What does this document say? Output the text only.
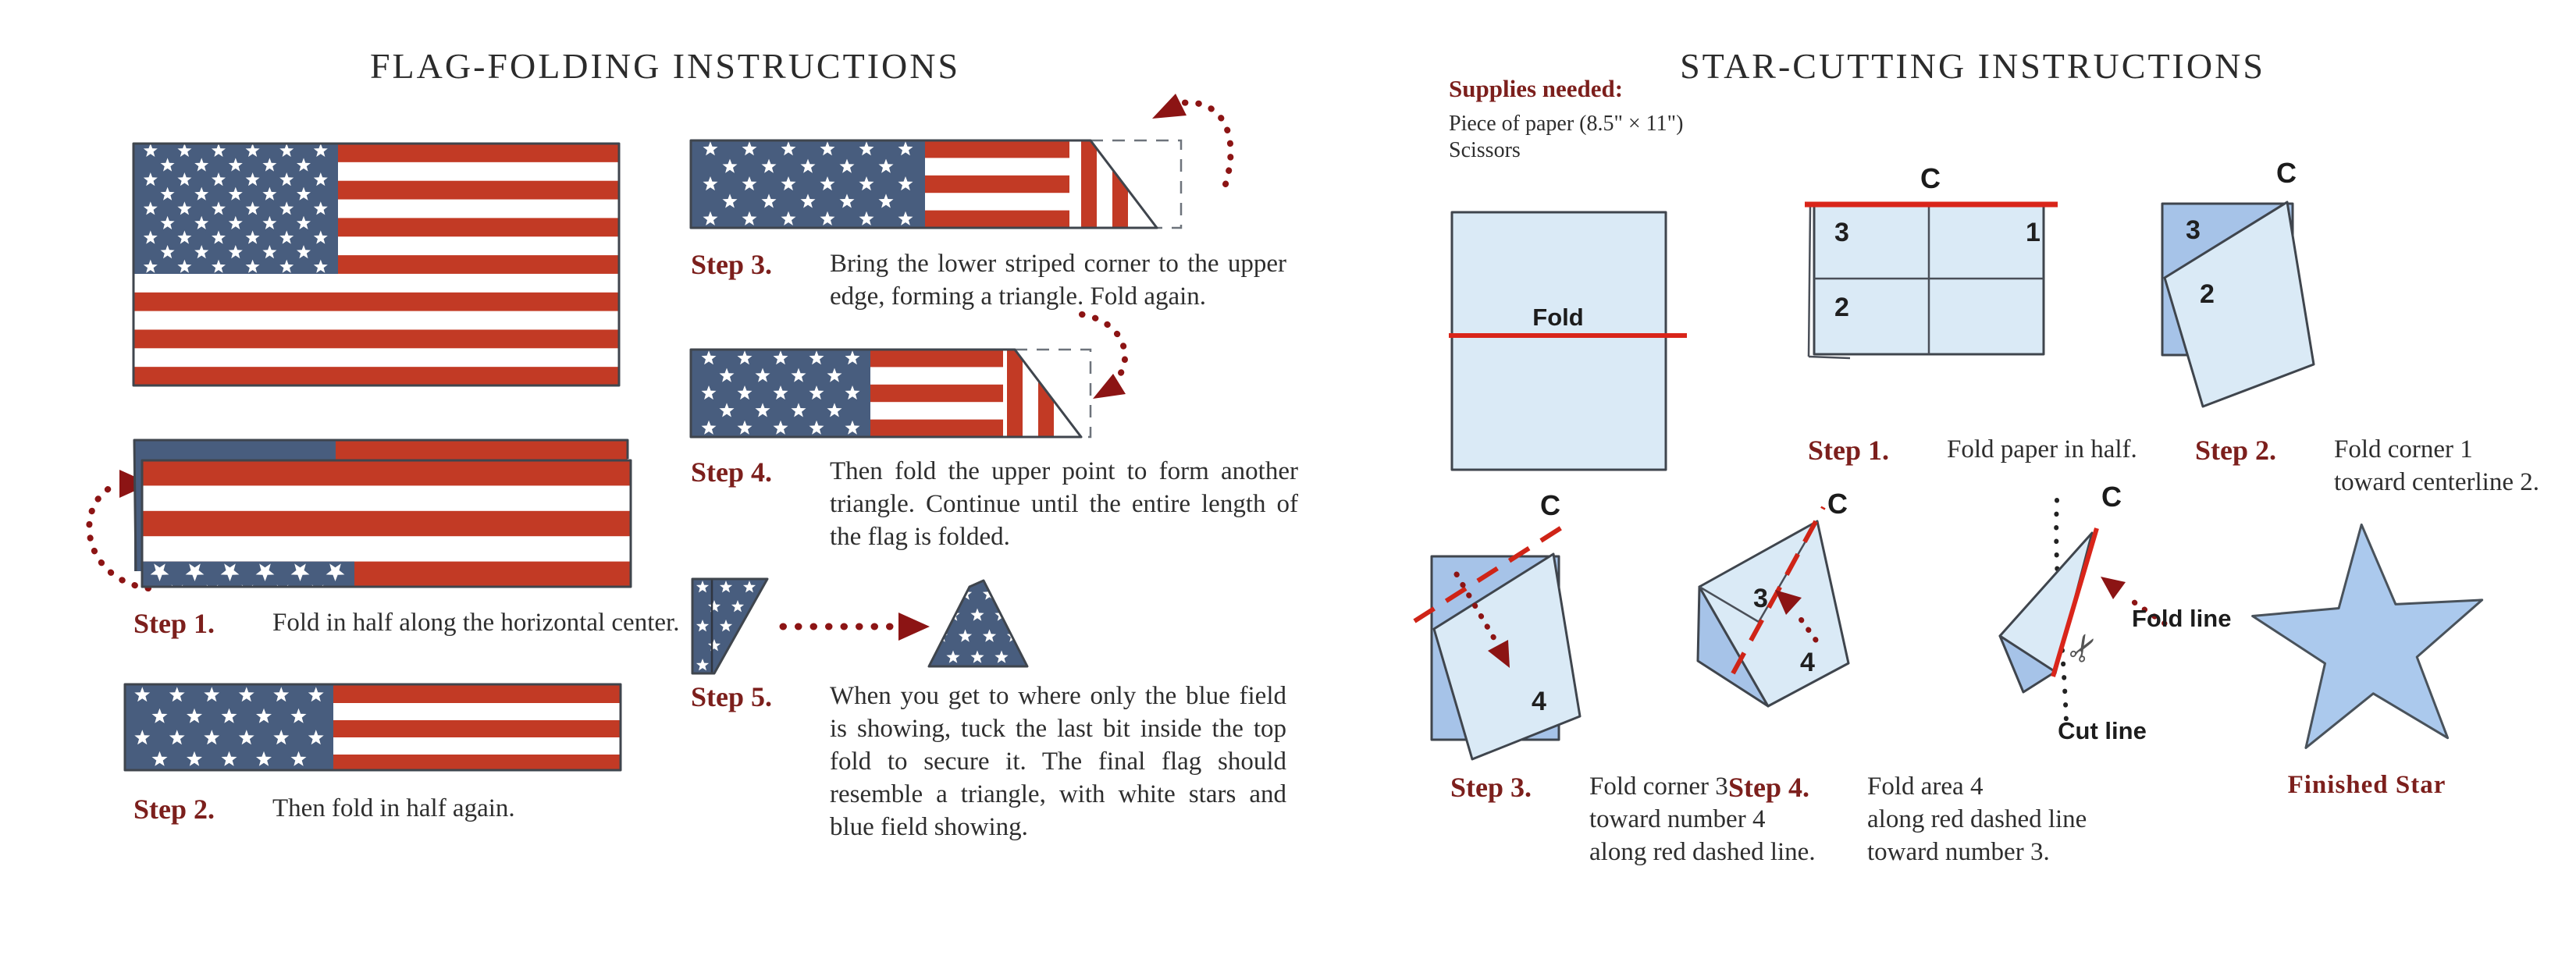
FLAG-FOLDING INSTRUCTIONS
Step 1.	Fold in half along the horizontal center.
Step 2.	Then fold in half again.
Step 3.	Bring the lower striped corner to the upper edge, forming a triangle. Fold again.
Step 4.	Then fold the upper point to form another triangle. Continue until the entire length of the flag is folded.
Step 5.	When you get to where only the blue field is showing, tuck the last bit inside the top fold to secure it. The final flag should resemble a triangle, with white stars and blue field showing.
STAR-CUTTING INSTRUCTIONS
Supplies needed:
Piece of paper (8.5" × 11")
Scissors
Fold
C
3	1
2
Step 1.	Fold paper in half.
C
3
2
Step 2.	Fold corner 1
toward centerline 2.
C
4
C
3
4
Step 3.	Fold corner 3
toward number 4
along red dashed line.
Step 4.	Fold area 4
along red dashed line
toward number 3.
C
✂
Fold line
Cut line
Finished Star
